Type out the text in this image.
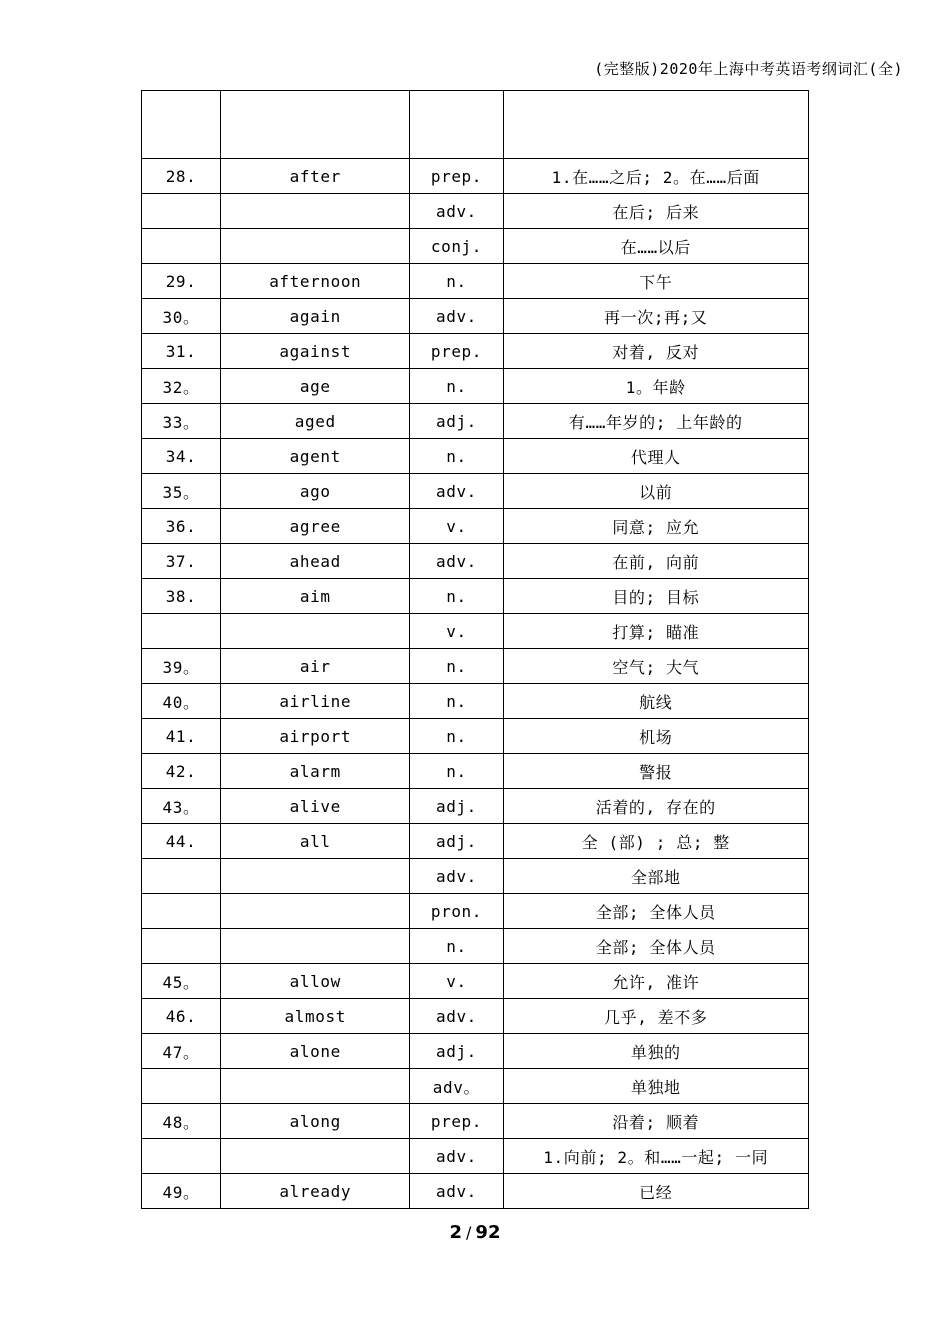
(完整版)2020年上海中考英语考纲词汇(全)

28.	after	prep.	1.在……之后; 2。在……后面
		adv.	在后; 后来
		conj.	在……以后
29.	afternoon	n.	下午
30。	again	adv.	再一次;再;又
31.	against	prep.	对着, 反对
32。	age	n.	1。年龄
33。	aged	adj.	有……年岁的; 上年龄的
34.	agent	n.	代理人
35。	ago	adv.	以前
36.	agree	v.	同意; 应允
37.	ahead	adv.	在前, 向前
38.	aim	n.	目的; 目标
		v.	打算; 瞄准
39。	air	n.	空气; 大气
40。	airline	n.	航线
41.	airport	n.	机场
42.	alarm	n.	警报
43。	alive	adj.	活着的, 存在的
44.	all	adj.	全 (部) ; 总; 整
		adv.	全部地
		pron.	全部; 全体人员
		n.	全部; 全体人员
45。	allow	v.	允许, 准许
46.	almost	adv.	几乎, 差不多
47。	alone	adj.	单独的
		adv。	单独地
48。	along	prep.	沿着; 顺着
		adv.	1.向前; 2。和……一起; 一同
49。	already	adv.	已经
2 / 92
